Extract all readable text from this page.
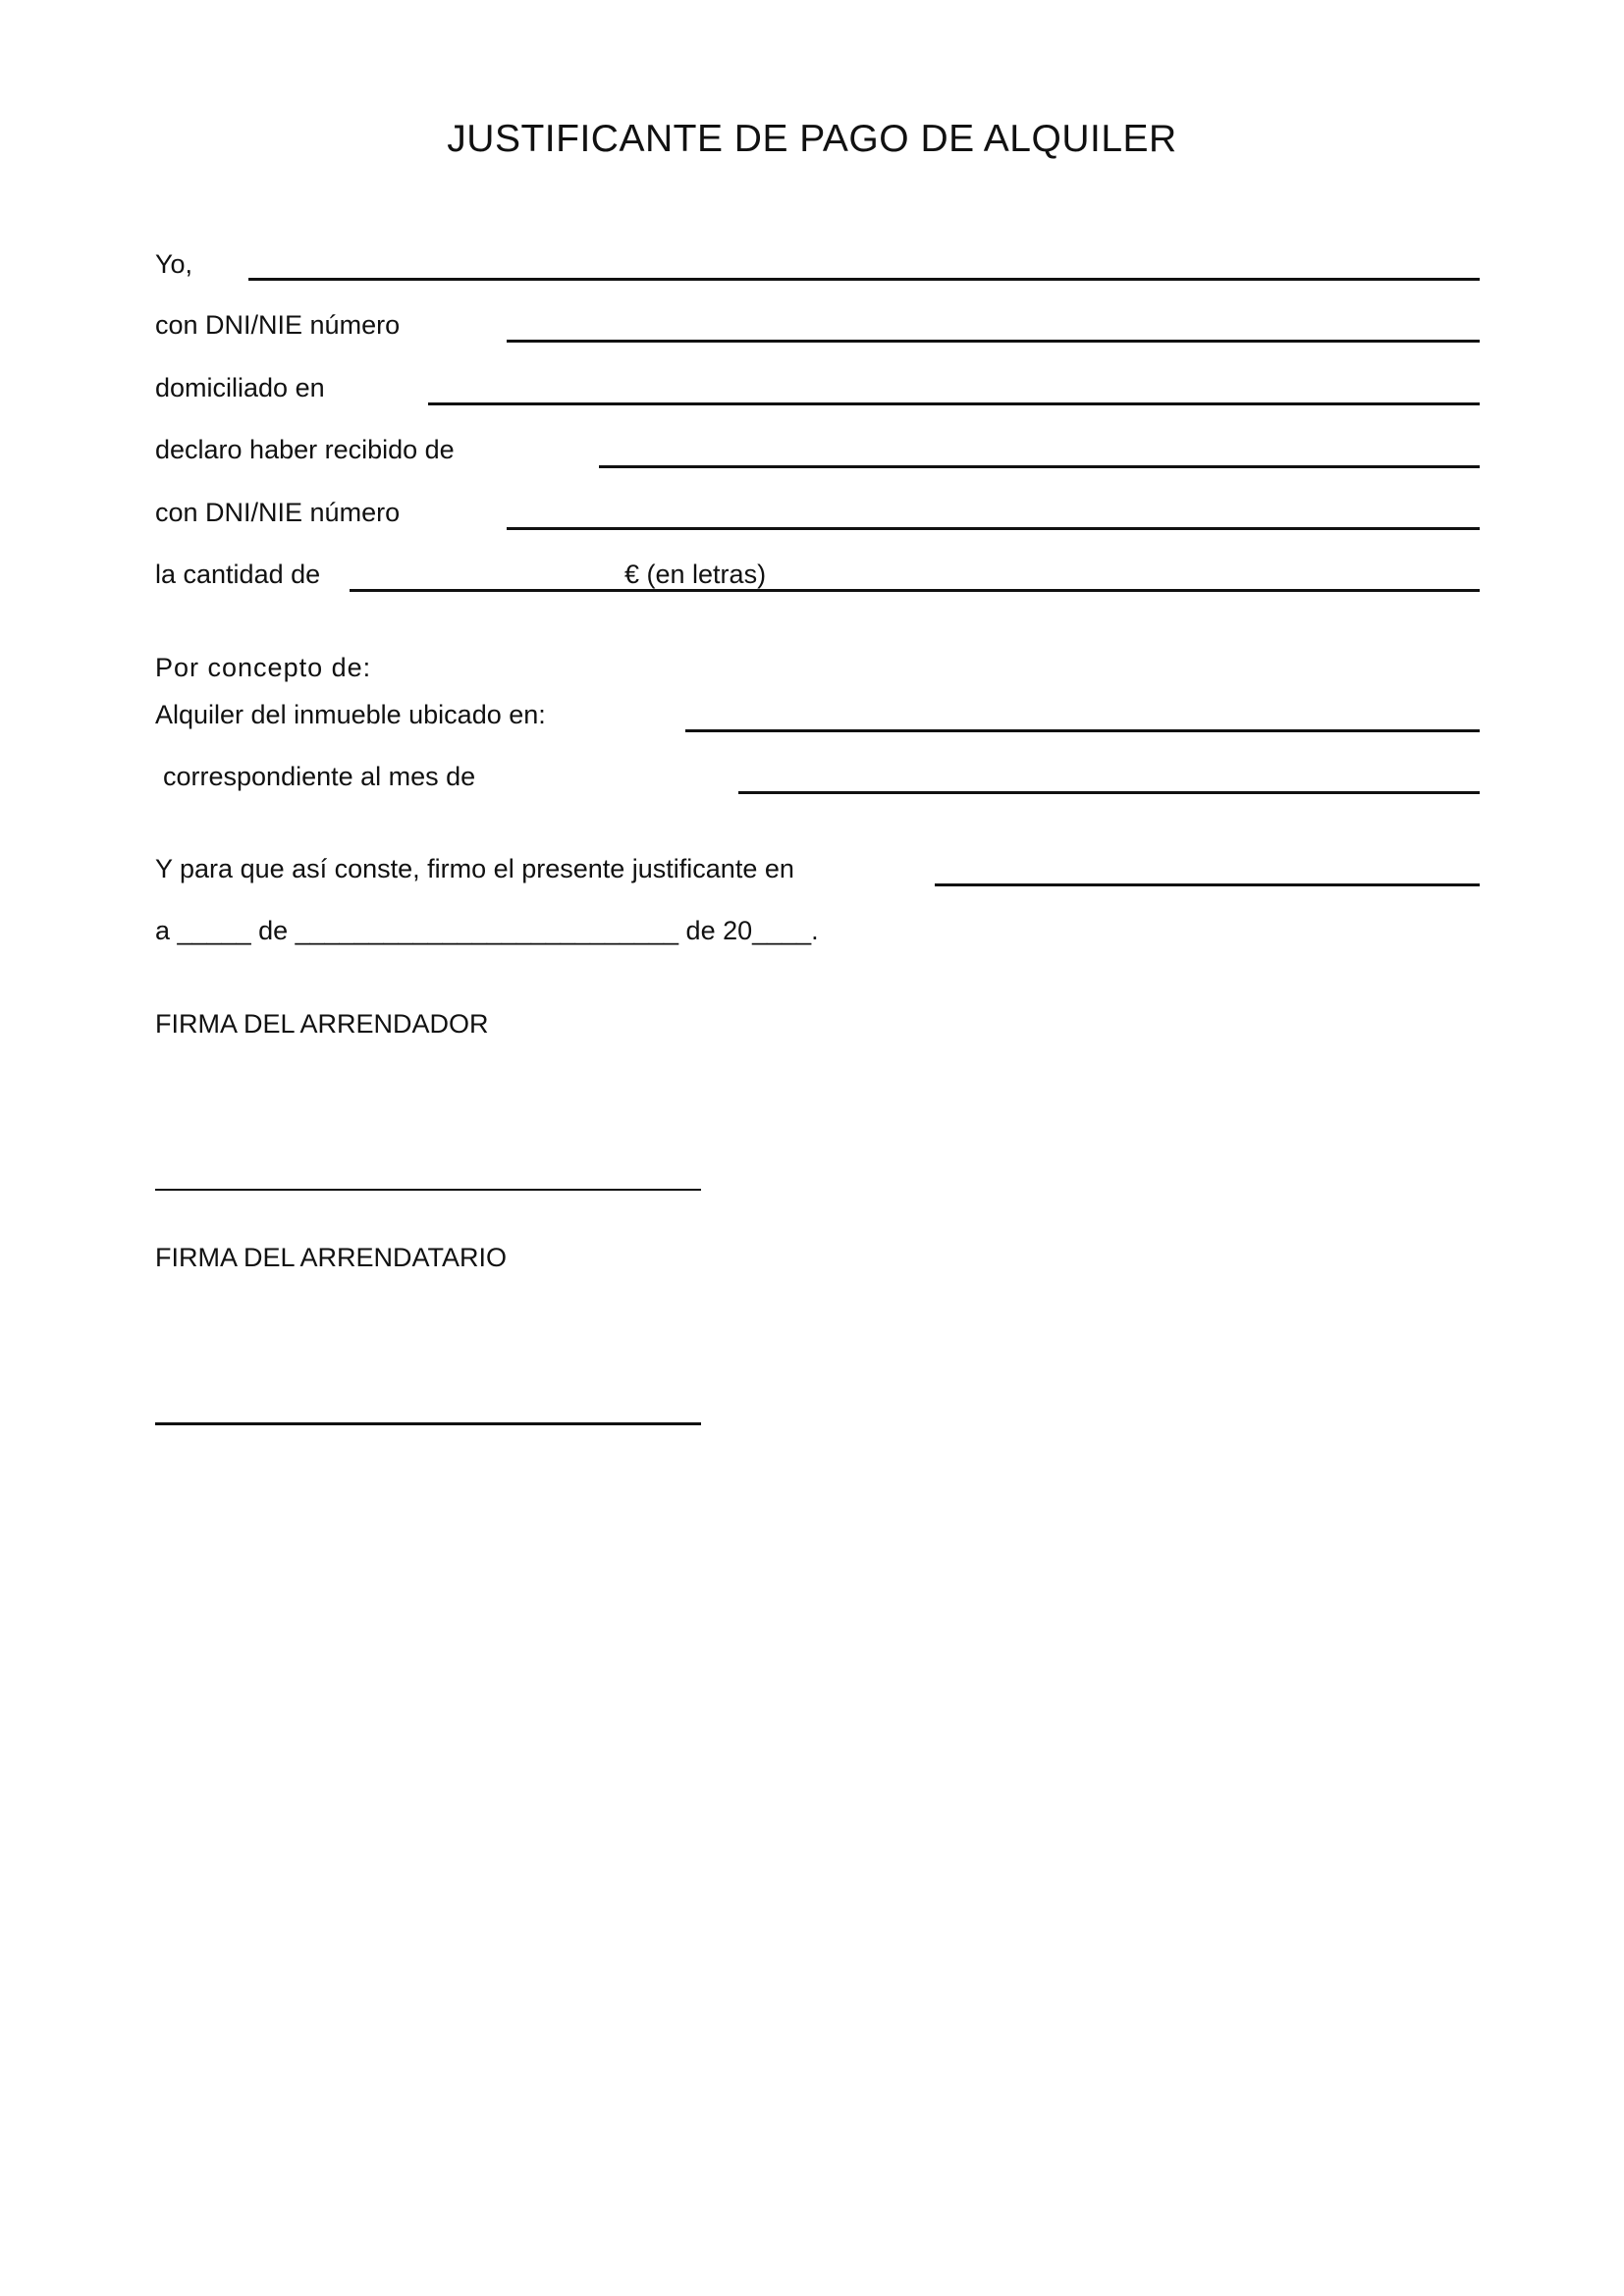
JUSTIFICANTE DE PAGO DE ALQUILER
Yo,
con DNI/NIE número
domiciliado en
declaro haber recibido de
con DNI/NIE número
la cantidad de	€ (en letras)
Por concepto de:
Alquiler del inmueble ubicado en:
correspondiente al mes de
Y para que así conste, firmo el presente justificante en
a _____ de __________________________ de 20____.
FIRMA DEL ARRENDADOR
FIRMA DEL ARRENDATARIO
